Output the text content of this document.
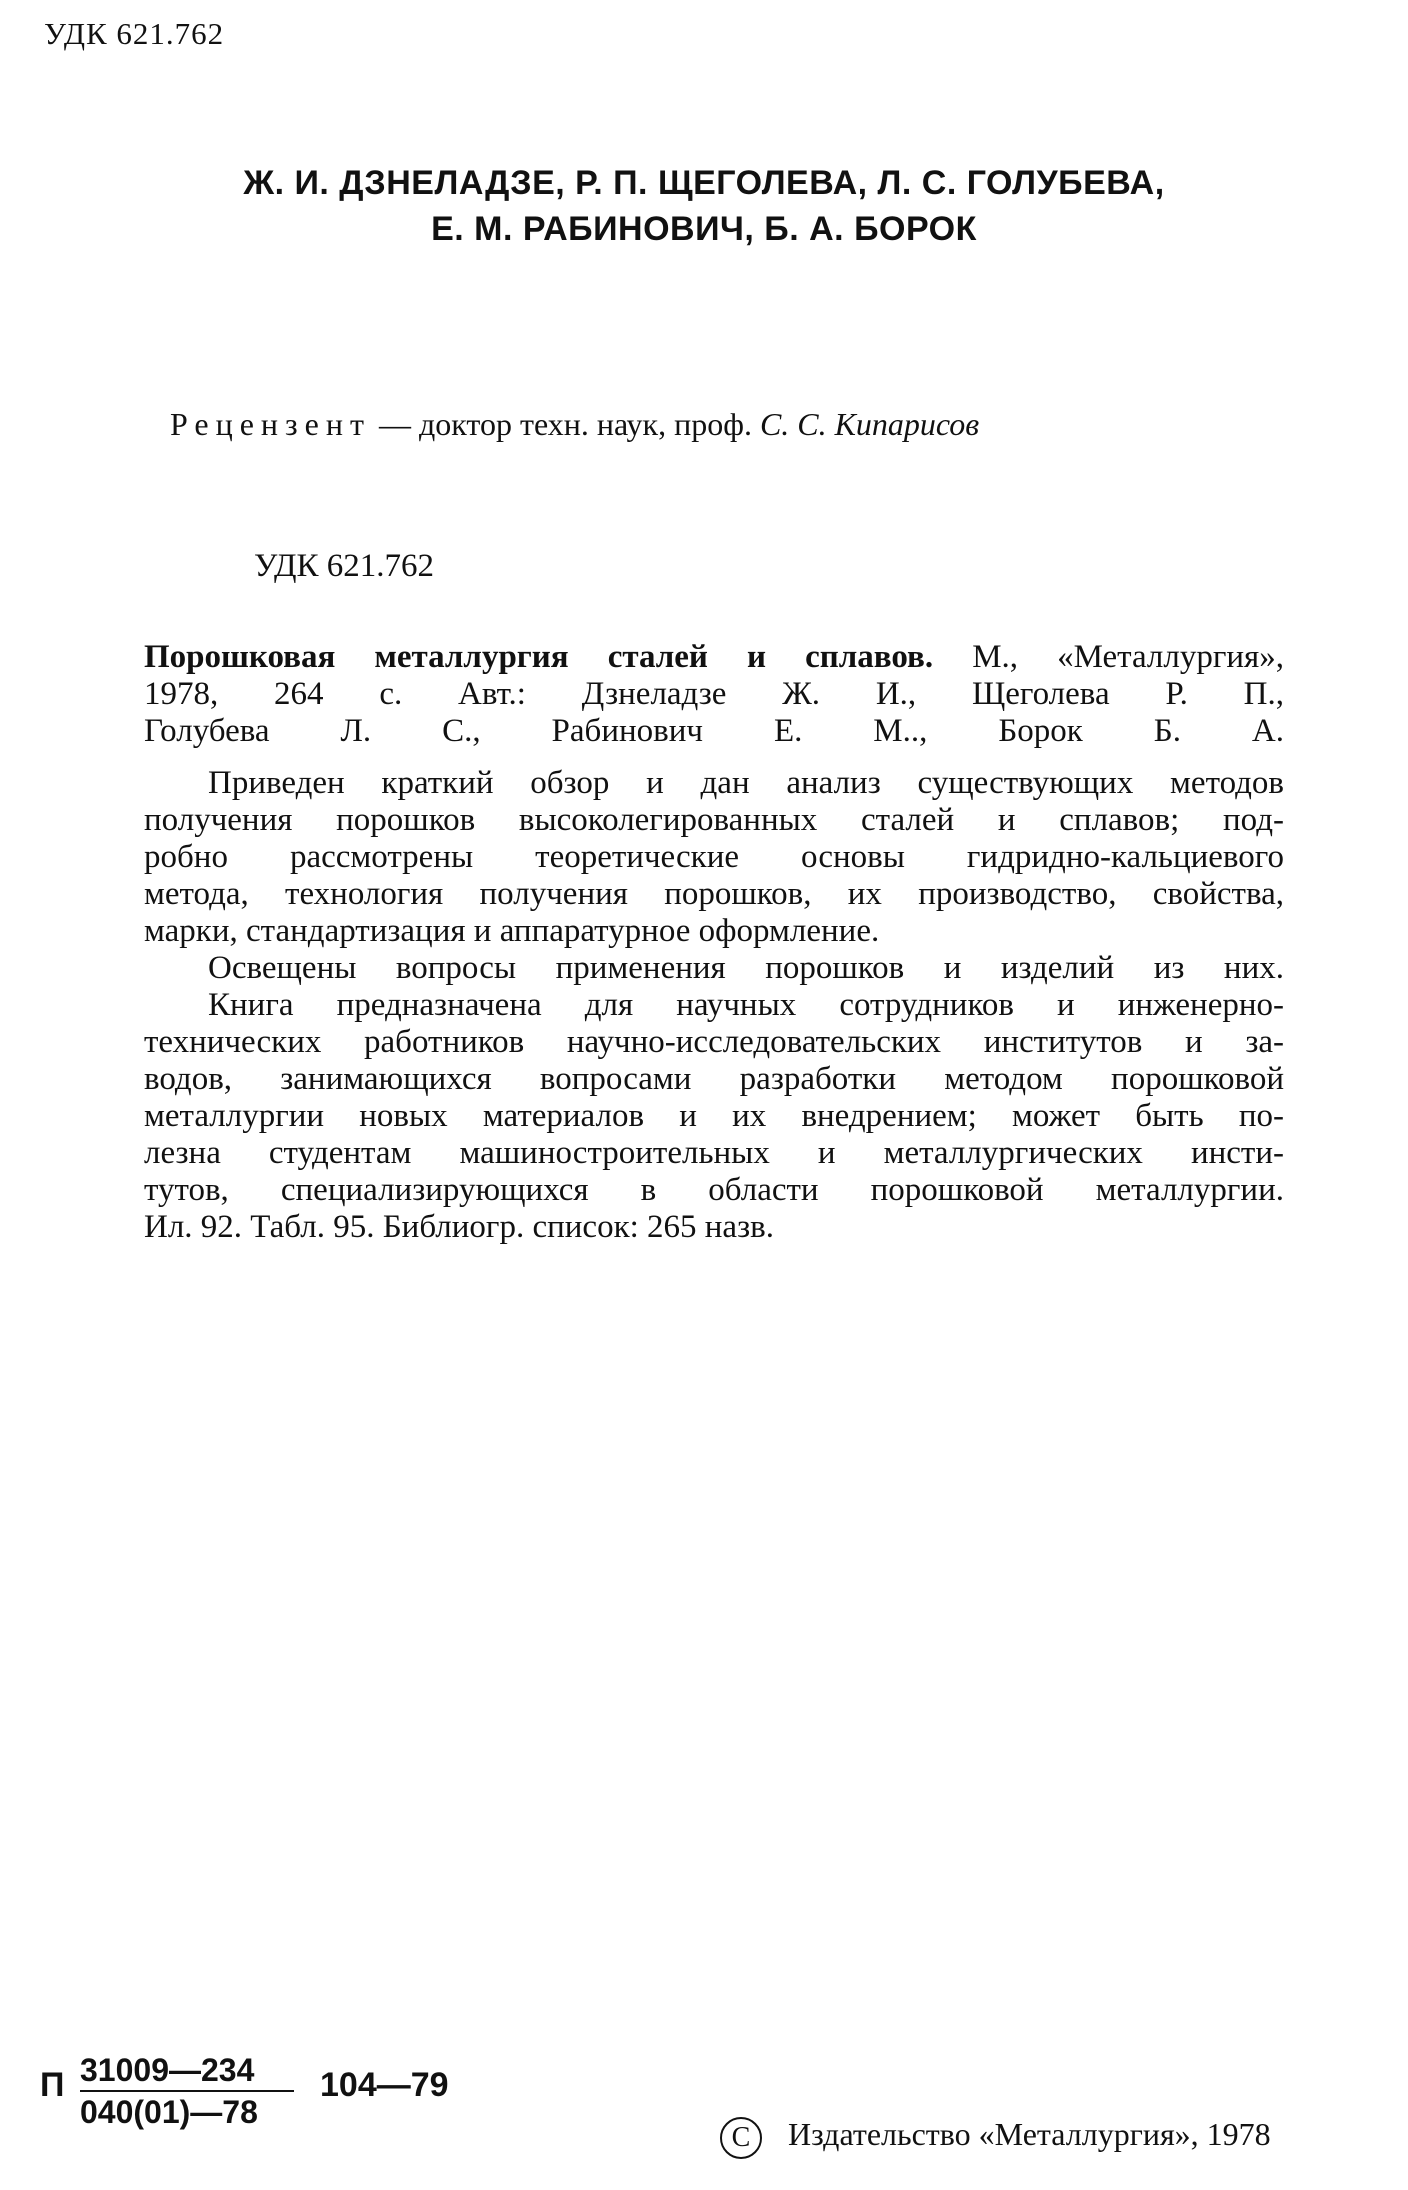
УДК 621.762
Ж. И. ДЗНЕЛАДЗЕ, Р. П. ЩЕГОЛЕВА, Л. С. ГОЛУБЕВА,
Е. М. РАБИНОВИЧ, Б. А. БОРОК
Рецензент — доктор техн. наук, проф. С. С. Кипарисов
УДК 621.762
Порошковая металлургия сталей и сплавов. М., «Металлургия»,
1978, 264 с. Авт.: Дзнеладзе Ж. И., Щеголева Р. П.,
Голубева Л. С., Рабинович Е. М.., Борок Б. А.
Приведен краткий обзор и дан анализ существующих методов
получения порошков высоколегированных сталей и сплавов; под-
робно рассмотрены теоретические основы гидридно-кальциевого
метода, технология получения порошков, их производство, свойства,
марки, стандартизация и аппаратурное оформление.
Освещены вопросы применения порошков и изделий из них.
Книга предназначена для научных сотрудников и инженерно-
технических работников научно-исследовательских институтов и за-
водов, занимающихся вопросами разработки методом порошковой
металлургии новых материалов и их внедрением; может быть по-
лезна студентам машиностроительных и металлургических инсти-
тутов, специализирующихся в области порошковой металлургии.
Ил. 92. Табл. 95. Библиогр. список: 265 назв.
П $\frac{31009—234}{040(01)—78}$ 104—79
C Издательство «Металлургия», 1978
